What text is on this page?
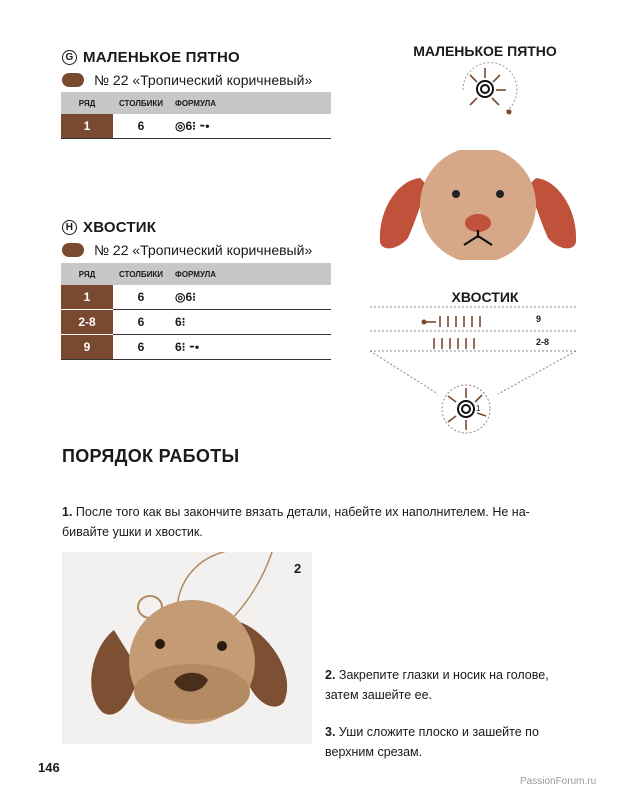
G МАЛЕНЬКОЕ ПЯТНО
№ 22 «Тропический коричневый»
РЯД	СТОЛБИКИ	ФОРМУЛА
1	6	◎6⁝ ⁃•
H ХВОСТИК
№ 22 «Тропический коричневый»
РЯД	СТОЛБИКИ	ФОРМУЛА
1	6	◎6⁝
2-8	6	6⁝
9	6	6⁝ ⁃•
МАЛЕНЬКОЕ ПЯТНО
ХВОСТИК
9
2-8
1
ПОРЯДОК РАБОТЫ
1. После того как вы закончите вязать детали, набейте их наполнителем. Не на-бивайте ушки и хвостик.
2
2. Закрепите глазки и носик на голове, затем зашейте ее.
3. Уши сложите плоско и зашейте по верхним срезам.
146
PassionForum.ru
